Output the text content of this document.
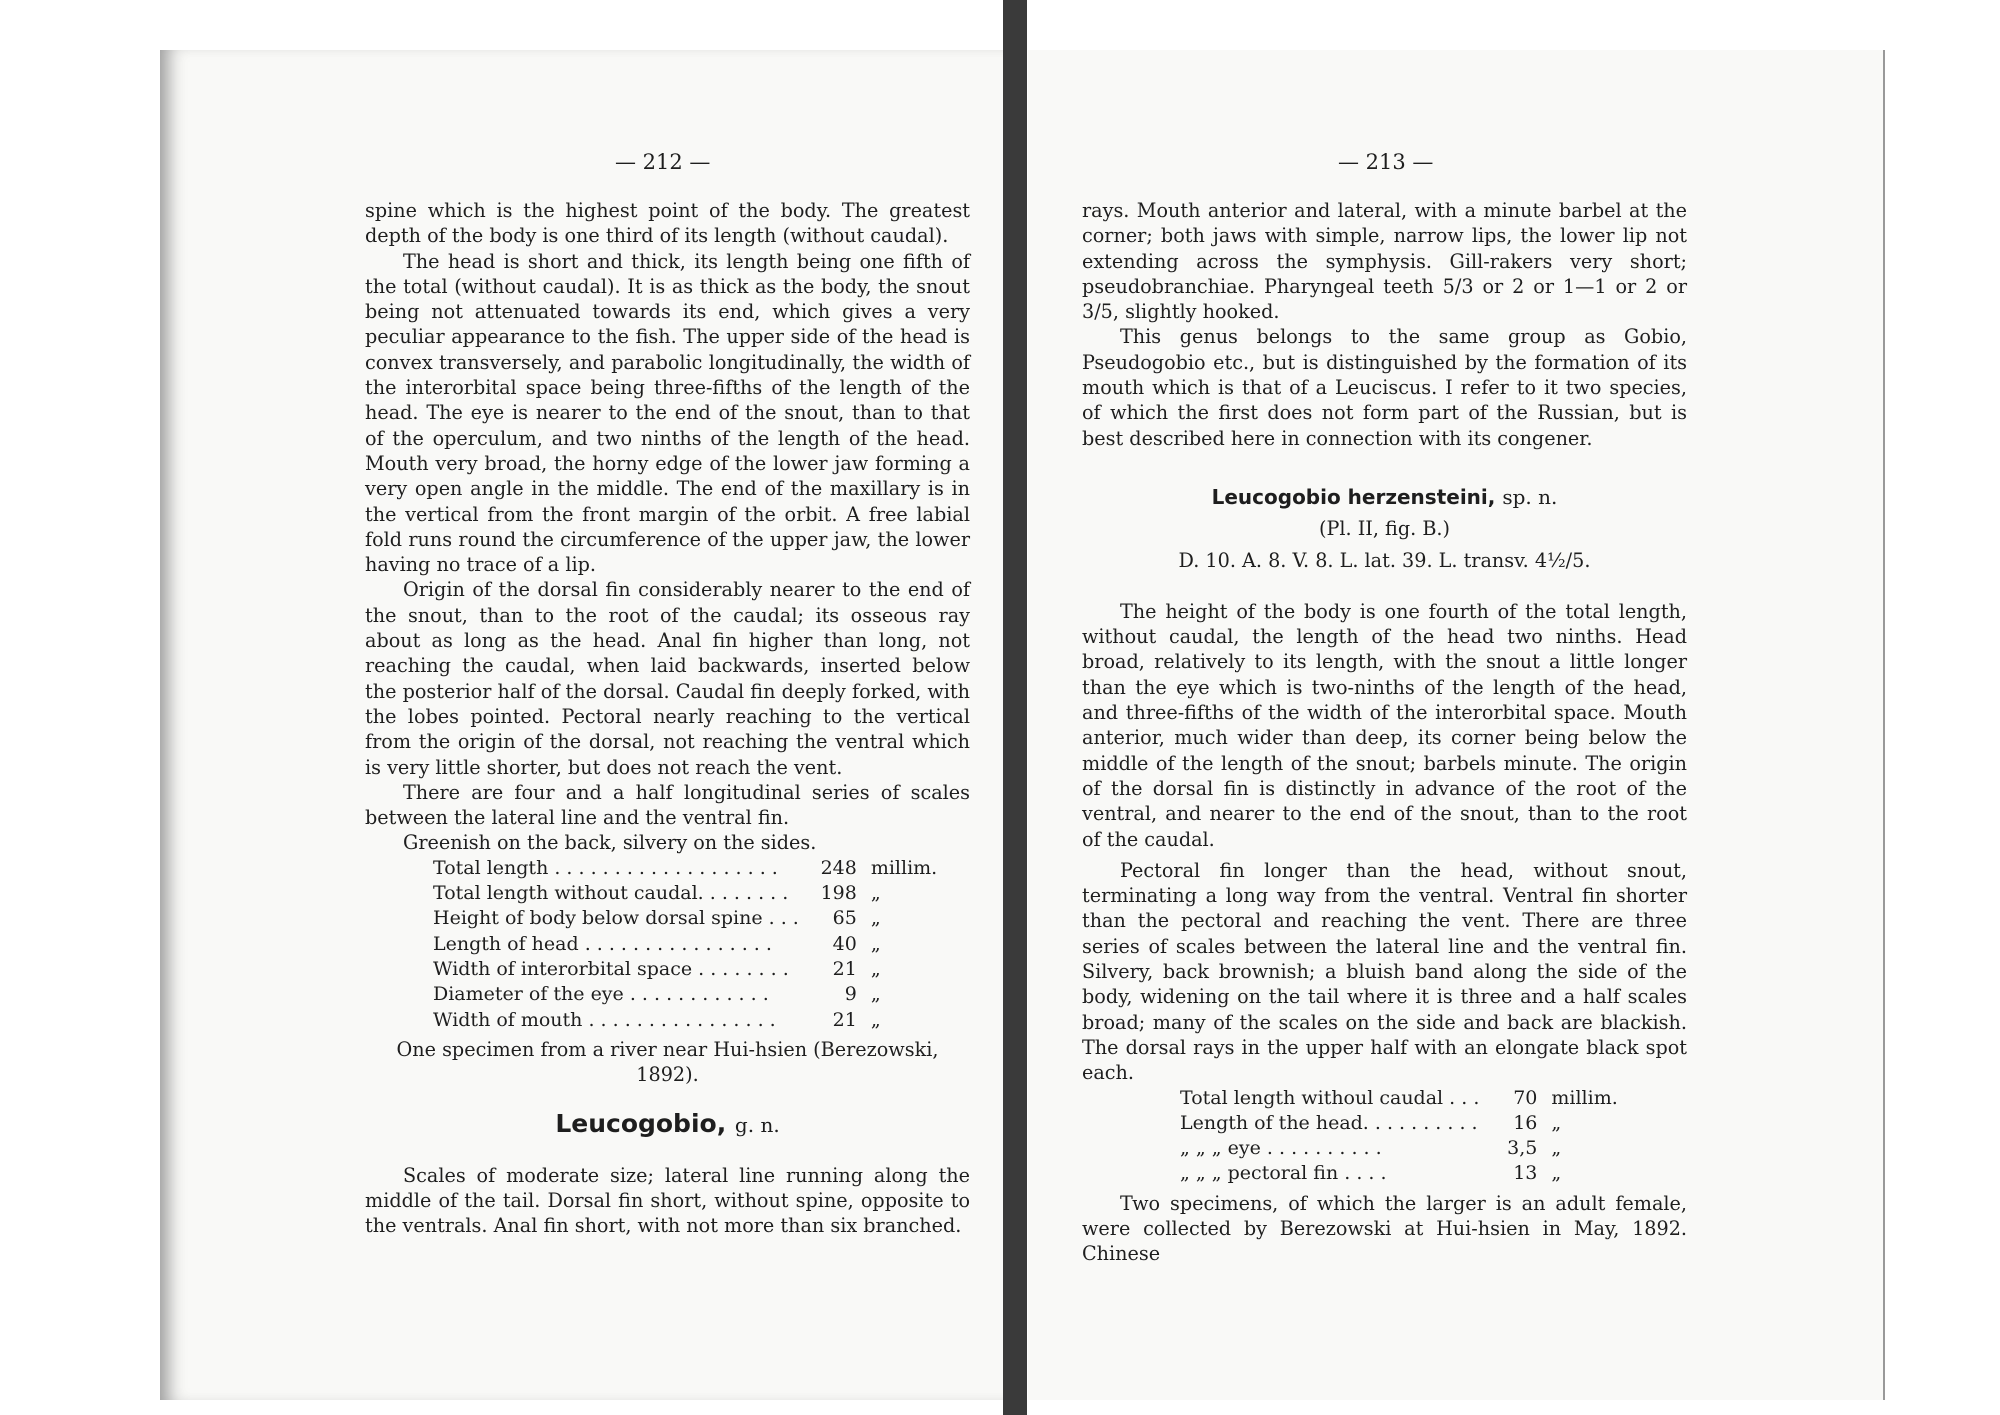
— 212 —	— 213 —

spine which is the highest point of the body. The greatest depth of the body is one third of its length (without caudal).

The head is short and thick, its length being one fifth of the total (without caudal). It is as thick as the body, the snout being not attenuated towards its end, which gives a very peculiar appearance to the fish. The upper side of the head is convex transversely, and parabolic longitudinally, the width of the interorbital space being three-fifths of the length of the head. The eye is nearer to the end of the snout, than to that of the operculum, and two ninths of the length of the head. Mouth very broad, the horny edge of the lower jaw forming a very open angle in the middle. The end of the maxillary is in the vertical from the front margin of the orbit. A free labial fold runs round the circumference of the upper jaw, the lower having no trace of a lip.

Origin of the dorsal fin considerably nearer to the end of the snout, than to the root of the caudal; its osseous ray about as long as the head. Anal fin higher than long, not reaching the caudal, when laid backwards, inserted below the posterior half of the dorsal. Caudal fin deeply forked, with the lobes pointed. Pectoral nearly reaching to the vertical from the origin of the dorsal, not reaching the ventral which is very little shorter, but does not reach the vent.

There are four and a half longitudinal series of scales between the lateral line and the ventral fin.

Greenish on the back, silvery on the sides.

Total length . . . . . . . . . . . . . . . . . . .	248	millim.
Total length without caudal. . . . . . . .	198	„
Height of body below dorsal spine . . .	65	„
Length of head . . . . . . . . . . . . . . . .	40	„
Width of interorbital space . . . . . . . .	21	„
Diameter of the eye . . . . . . . . . . . .	9	„
Width of mouth . . . . . . . . . . . . . . . .	21	„

One specimen from a river near Hui-hsien (Berezowski, 1892).

Leucogobio, g. n.

Scales of moderate size; lateral line running along the middle of the tail. Dorsal fin short, without spine, opposite to the ventrals. Anal fin short, with not more than six branched.

rays. Mouth anterior and lateral, with a minute barbel at the corner; both jaws with simple, narrow lips, the lower lip not extending across the symphysis. Gill-rakers very short; pseudobranchiae. Pharyngeal teeth 5/3 or 2 or 1—1 or 2 or 3/5, slightly hooked.

This genus belongs to the same group as Gobio, Pseudogobio etc., but is distinguished by the formation of its mouth which is that of a Leuciscus. I refer to it two species, of which the first does not form part of the Russian, but is best described here in connection with its congener.

Leucogobio herzensteini, sp. n.

(Pl. II, fig. B.)

D. 10. A. 8. V. 8. L. lat. 39. L. transv. 4½/5.

The height of the body is one fourth of the total length, without caudal, the length of the head two ninths. Head broad, relatively to its length, with the snout a little longer than the eye which is two-ninths of the length of the head, and three-fifths of the width of the interorbital space. Mouth anterior, much wider than deep, its corner being below the middle of the length of the snout; barbels minute. The origin of the dorsal fin is distinctly in advance of the root of the ventral, and nearer to the end of the snout, than to the root of the caudal.

Pectoral fin longer than the head, without snout, terminating a long way from the ventral. Ventral fin shorter than the pectoral and reaching the vent. There are three series of scales between the lateral line and the ventral fin. Silvery, back brownish; a bluish band along the side of the body, widening on the tail where it is three and a half scales broad; many of the scales on the side and back are blackish. The dorsal rays in the upper half with an elongate black spot each.

Total length withoul caudal . . .	70	millim.
Length of the head. . . . . . . . . .	16	„
„ „ „ eye . . . . . . . . . .	3,5	„
„ „ „ pectoral fin . . . .	13	„

Two specimens, of which the larger is an adult female, were collected by Berezowski at Hui-hsien in May, 1892. Chinese
